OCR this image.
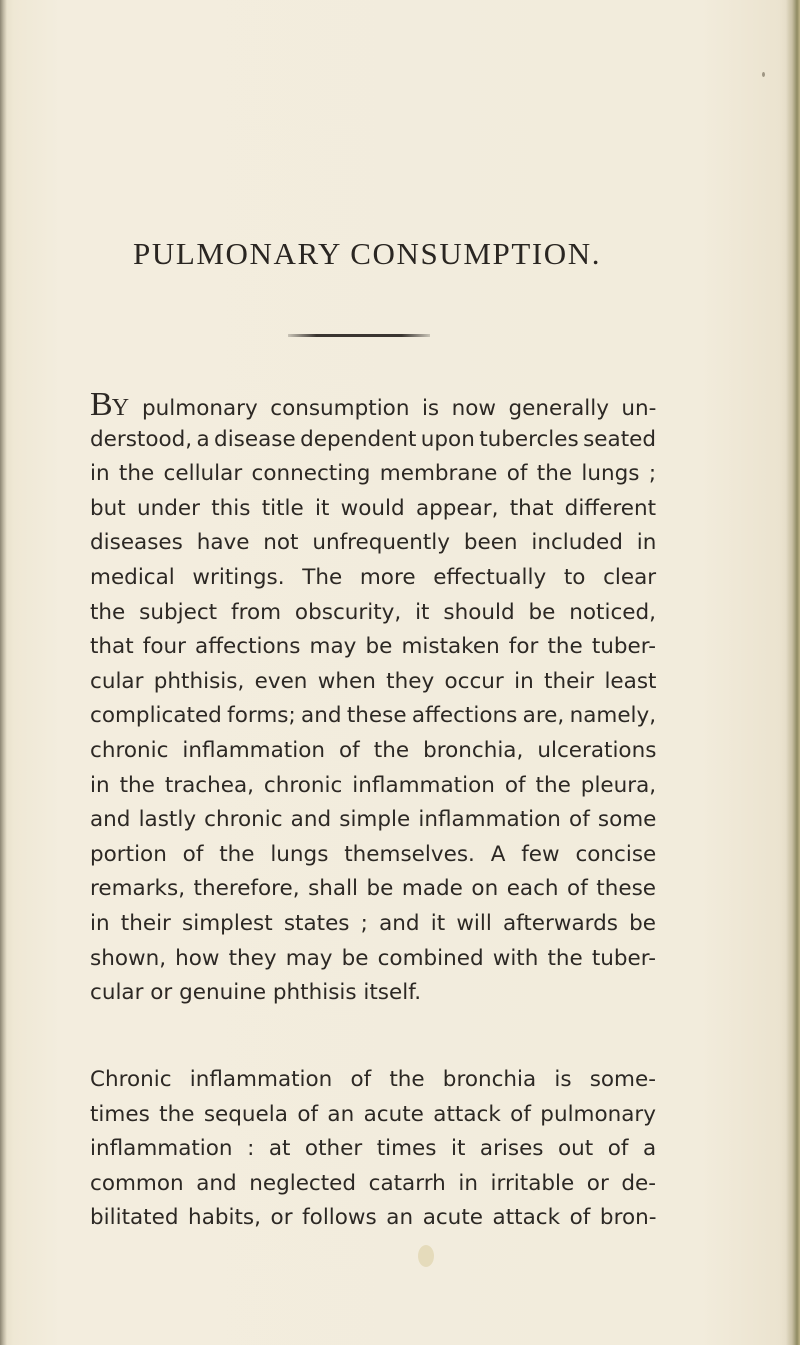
PULMONARY CONSUMPTION.
BY pulmonary consumption is now generally un-
derstood, a disease dependent upon tubercles seated
in the cellular connecting membrane of the lungs ;
but under this title it would appear, that different
diseases have not unfrequently been included in
medical writings. The more effectually to clear
the subject from obscurity, it should be noticed,
that four affections may be mistaken for the tuber-
cular phthisis, even when they occur in their least
complicated forms; and these affections are, namely,
chronic inflammation of the bronchia, ulcerations
in the trachea, chronic inflammation of the pleura,
and lastly chronic and simple inflammation of some
portion of the lungs themselves. A few concise
remarks, therefore, shall be made on each of these
in their simplest states ; and it will afterwards be
shown, how they may be combined with the tuber-
cular or genuine phthisis itself.
Chronic inflammation of the bronchia is some-
times the sequela of an acute attack of pulmonary
inflammation : at other times it arises out of a
common and neglected catarrh in irritable or de-
bilitated habits, or follows an acute attack of bron-
